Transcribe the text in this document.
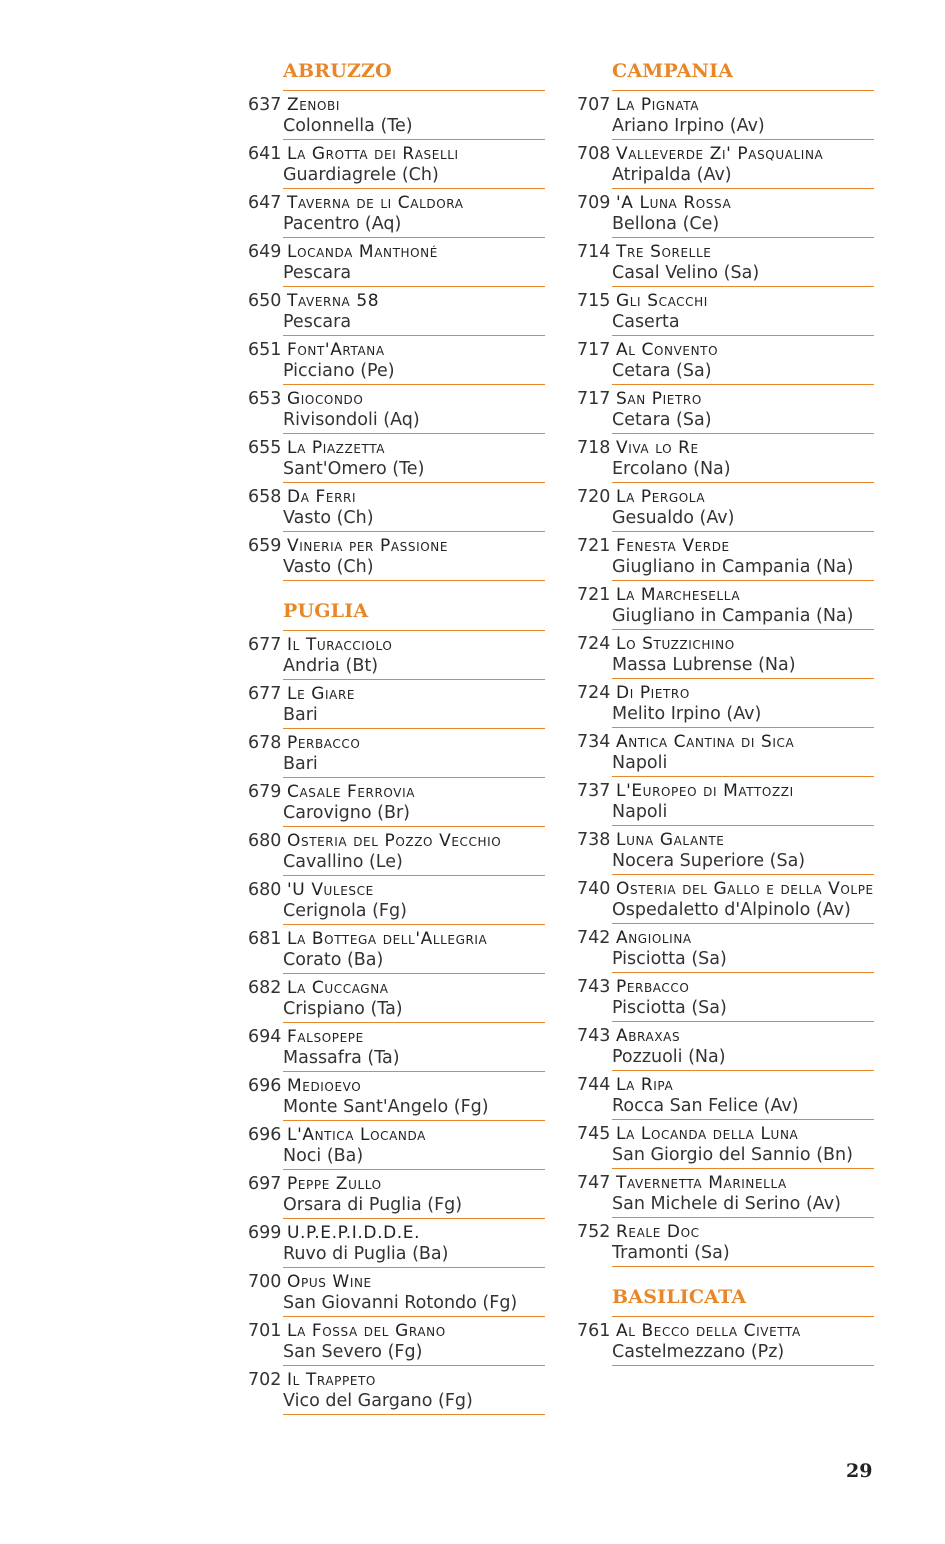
ABRUZZO
637 Zenobi
Colonnella (Te)
641 La Grotta dei Raselli
Guardiagrele (Ch)
647 Taverna de li Caldora
Pacentro (Aq)
649 Locanda Manthoné
Pescara
650 Taverna 58
Pescara
651 Font'Artana
Picciano (Pe)
653 Giocondo
Rivisondoli (Aq)
655 La Piazzetta
Sant'Omero (Te)
658 Da Ferri
Vasto (Ch)
659 Vineria per Passione
Vasto (Ch)
PUGLIA
677 Il Turacciolo
Andria (Bt)
677 Le Giare
Bari
678 Perbacco
Bari
679 Casale Ferrovia
Carovigno (Br)
680 Osteria del Pozzo Vecchio
Cavallino (Le)
680 'U Vulesce
Cerignola (Fg)
681 La Bottega dell'Allegria
Corato (Ba)
682 La Cuccagna
Crispiano (Ta)
694 Falsopepe
Massafra (Ta)
696 Medioevo
Monte Sant'Angelo (Fg)
696 L'Antica Locanda
Noci (Ba)
697 Peppe Zullo
Orsara di Puglia (Fg)
699 U.P.E.P.I.D.D.E.
Ruvo di Puglia (Ba)
700 Opus Wine
San Giovanni Rotondo (Fg)
701 La Fossa del Grano
San Severo (Fg)
702 Il Trappeto
Vico del Gargano (Fg)
CAMPANIA
707 La Pignata
Ariano Irpino (Av)
708 Valleverde Zi' Pasqualina
Atripalda (Av)
709 'A Luna Rossa
Bellona (Ce)
714 Tre Sorelle
Casal Velino (Sa)
715 Gli Scacchi
Caserta
717 Al Convento
Cetara (Sa)
717 San Pietro
Cetara (Sa)
718 Viva lo Re
Ercolano (Na)
720 La Pergola
Gesualdo (Av)
721 Fenesta Verde
Giugliano in Campania (Na)
721 La Marchesella
Giugliano in Campania (Na)
724 Lo Stuzzichino
Massa Lubrense (Na)
724 Di Pietro
Melito Irpino (Av)
734 Antica Cantina di Sica
Napoli
737 L'Europeo di Mattozzi
Napoli
738 Luna Galante
Nocera Superiore (Sa)
740 Osteria del Gallo e della Volpe
Ospedaletto d'Alpinolo (Av)
742 Angiolina
Pisciotta (Sa)
743 Perbacco
Pisciotta (Sa)
743 Abraxas
Pozzuoli (Na)
744 La Ripa
Rocca San Felice (Av)
745 La Locanda della Luna
San Giorgio del Sannio (Bn)
747 Tavernetta Marinella
San Michele di Serino (Av)
752 Reale Doc
Tramonti (Sa)
BASILICATA
761 Al Becco della Civetta
Castelmezzano (Pz)
29
